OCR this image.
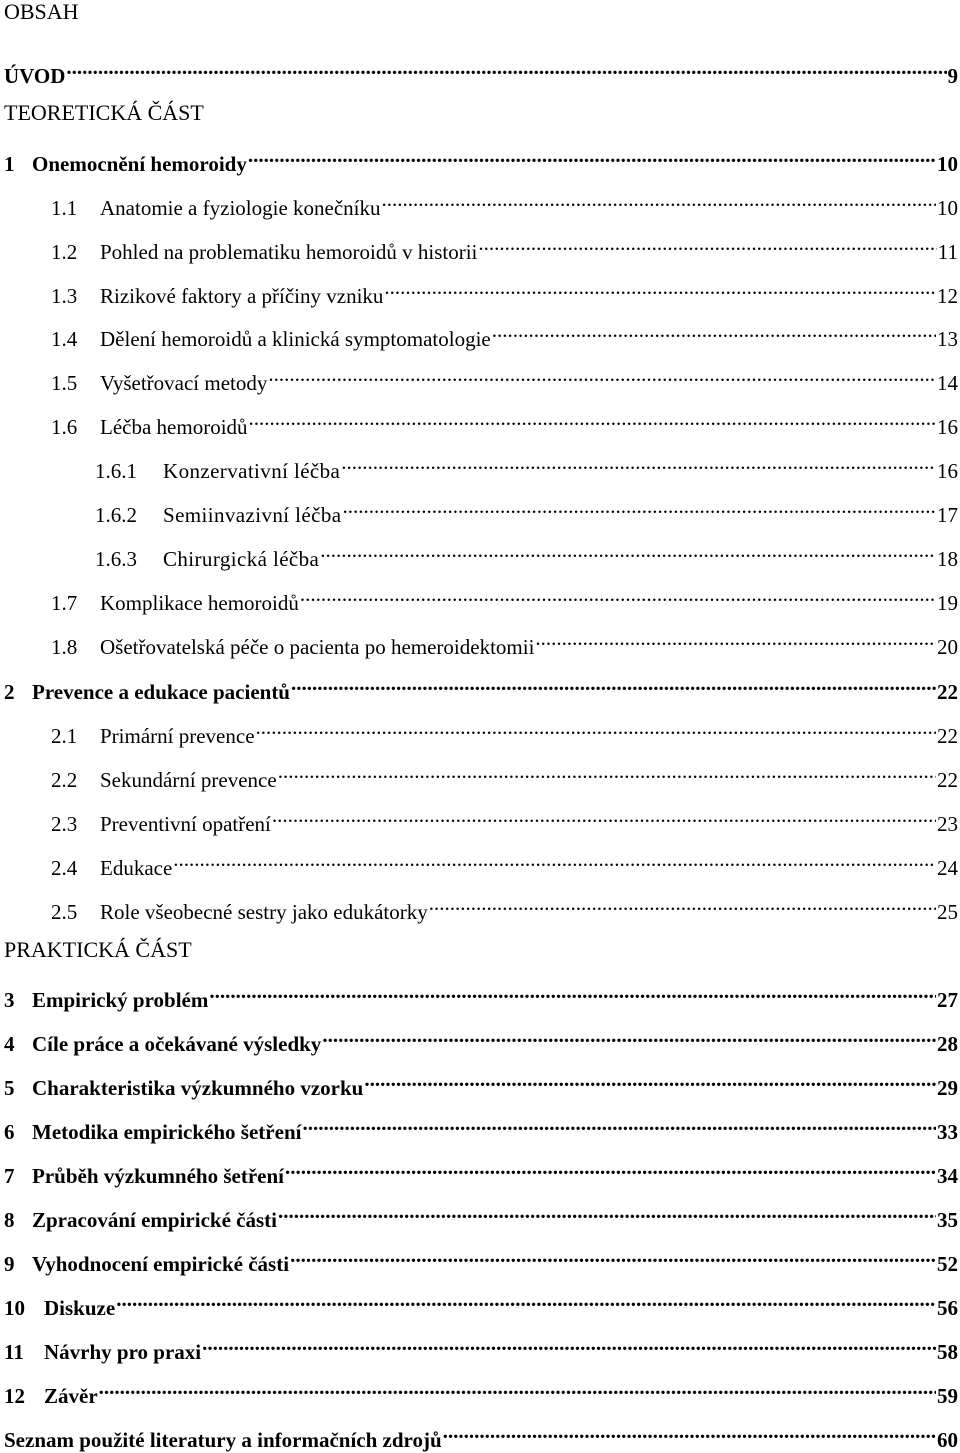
OBSAH
ÚVOD .....	9
TEORETICKÁ ČÁST
1 Onemocnění hemoroidy .....	10
1.1	Anatomie a fyziologie konečníku .....	10
1.2	Pohled na problematiku hemoroidů v historii .....	11
1.3	Rizikové faktory a příčiny vzniku .....	12
1.4	Dělení hemoroidů a klinická symptomatologie .....	13
1.5	Vyšetřovací metody .....	14
1.6	Léčba hemoroidů .....	16
1.6.1	Konzervativní léčba .....	16
1.6.2	Semiinvazivní léčba .....	17
1.6.3	Chirurgická léčba .....	18
1.7	Komplikace hemoroidů .....	19
1.8	Ošetřovatelská péče o pacienta po hemeroidektomii .....	20
2 Prevence a edukace pacientů .....	22
2.1	Primární prevence .....	22
2.2	Sekundární prevence .....	22
2.3	Preventivní opatření .....	23
2.4	Edukace .....	24
2.5	Role všeobecné sestry jako edukátorky .....	25
PRAKTICKÁ ČÁST
3 Empirický problém .....	27
4 Cíle práce a očekávané výsledky .....	28
5 Charakteristika výzkumného vzorku .....	29
6 Metodika empirického šetření .....	33
7 Průběh výzkumného šetření .....	34
8 Zpracování empirické části .....	35
9 Vyhodnocení empirické části .....	52
10 Diskuze .....	56
11 Návrhy pro praxi .....	58
12 Závěr .....	59
Seznam použité literatury a informačních zdrojů .....	60
